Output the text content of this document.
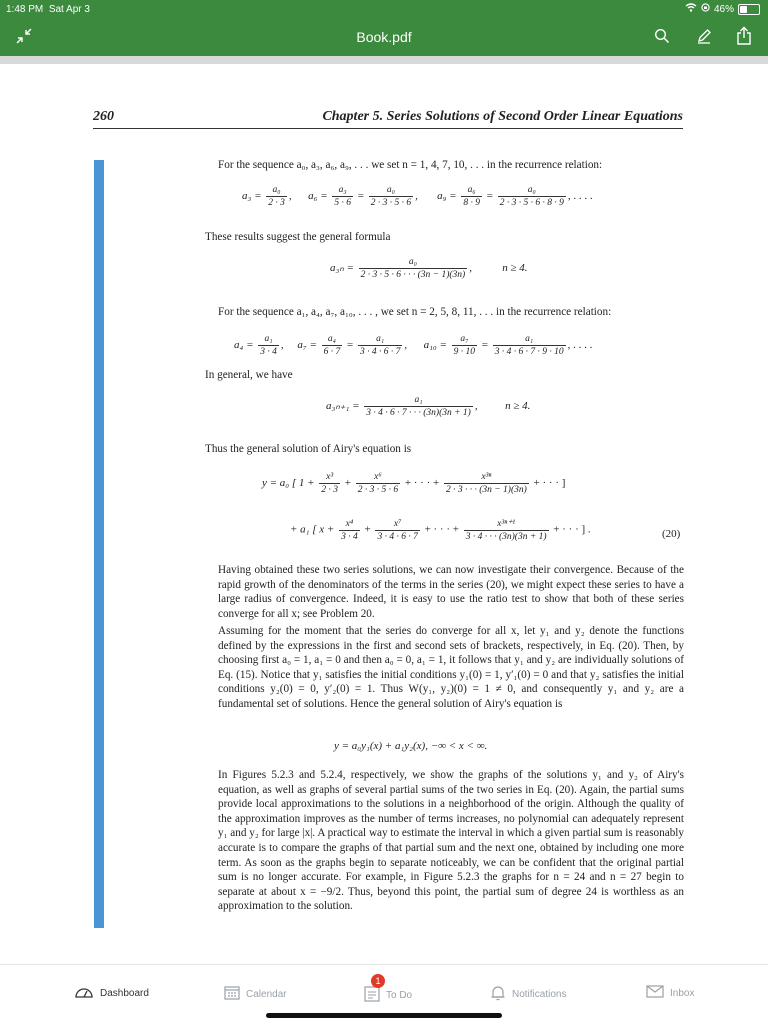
1:48 PM Sat Apr 3	46%
Book.pdf
260	Chapter 5. Series Solutions of Second Order Linear Equations
For the sequence a₀, a₃, a₆, a₉, . . . we set n = 1, 4, 7, 10, . . . in the recurrence relation:
$a_3 = \frac{\text{a₀}}{2 \cdot 3}$ ,      $a_6 = \frac{\text{a₃}}{5 \cdot 6} = \frac{\text{a₀}}{2 \cdot 3 \cdot 5 \cdot 6}$ ,       $a_9 = \frac{\text{a₆}}{8 \cdot 9} = \frac{\text{a₀}}{2 \cdot 3 \cdot 5 \cdot 6 \cdot 8 \cdot 9}$ , . . . .
These results suggest the general formula
$a_{3n} = \frac{\text{a₀}}{2 \cdot 3 \cdot 5 \cdot 6 \cdot \cdot \cdot (3n - 1)(3n)}$ ,           n ≥ 4.
For the sequence a₁, a₄, a₇, a₁₀, . . . , we set n = 2, 5, 8, 11, . . . in the recurrence relation:
$a_4 = \frac{\text{a₁}}{3 \cdot 4}$ ,     $a_7 = \frac{\text{a₄}}{6 \cdot 7} = \frac{\text{a₁}}{3 \cdot 4 \cdot 6 \cdot 7}$ ,      $a_{10} = \frac{\text{a₇}}{9 \cdot 10} = \frac{\text{a₁}}{3 \cdot 4 \cdot 6 \cdot 7 \cdot 9 \cdot 10}$ , . . . .
In general, we have
$a_{3n+1} = \frac{\text{a₁}}{3 \cdot 4 \cdot 6 \cdot 7 \cdot \cdot \cdot (3n)(3n + 1)}$ ,          n ≥ 4.
Thus the general solution of Airy's equation is
y = a₀ [ $1 + \frac{\text{x³}}{2 \cdot 3} + \frac{\text{x⁶}}{2 \cdot 3 \cdot 5 \cdot 6}$ + · · · + $\frac{\text{x³ⁿ}}{2 \cdot 3 \cdot \cdot \cdot (3n - 1)(3n)}$ + · · · ]
+ a₁ [ $x + \frac{\text{x⁴}}{3 \cdot 4} + \frac{\text{x⁷}}{3 \cdot 4 \cdot 6 \cdot 7}$ + · · · + $\frac{\text{x³ⁿ⁺¹}}{3 \cdot 4 \cdot \cdot \cdot (3n)(3n + 1)}$ + · · · ] .	(20)
Having obtained these two series solutions, we can now investigate their convergence. Because of the rapid growth of the denominators of the terms in the series (20), we might expect these series to have a large radius of convergence. Indeed, it is easy to use the ratio test to show that both of these series converge for all x; see Problem 20.
Assuming for the moment that the series do converge for all x, let y₁ and y₂ denote the functions defined by the expressions in the first and second sets of brackets, respectively, in Eq. (20). Then, by choosing first a₀ = 1, a₁ = 0 and then a₀ = 0, a₁ = 1, it follows that y₁ and y₂ are individually solutions of Eq. (15). Notice that y₁ satisfies the initial conditions y₁(0) = 1, y′₁(0) = 0 and that y₂ satisfies the initial conditions y₂(0) = 0, y′₂(0) = 1. Thus W(y₁, y₂)(0) = 1 ≠ 0, and consequently y₁ and y₂ are a fundamental set of solutions. Hence the general solution of Airy's equation is
y = a₀y₁(x) + a₁y₂(x), −∞ < x < ∞.
In Figures 5.2.3 and 5.2.4, respectively, we show the graphs of the solutions y₁ and y₂ of Airy's equation, as well as graphs of several partial sums of the two series in Eq. (20). Again, the partial sums provide local approximations to the solutions in a neighborhood of the origin. Although the quality of the approximation improves as the number of terms increases, no polynomial can adequately represent y₁ and y₂ for large |x|. A practical way to estimate the interval in which a given partial sum is reasonably accurate is to compare the graphs of that partial sum and the next one, obtained by including one more term. As soon as the graphs begin to separate noticeably, we can be confident that the original partial sum is no longer accurate. For example, in Figure 5.2.3 the graphs for n = 24 and n = 27 begin to separate at about x = −9/2. Thus, beyond this point, the partial sum of degree 24 is worthless as an approximation to the solution.
Dashboard	Calendar
1
To Do	Notifications	Inbox
